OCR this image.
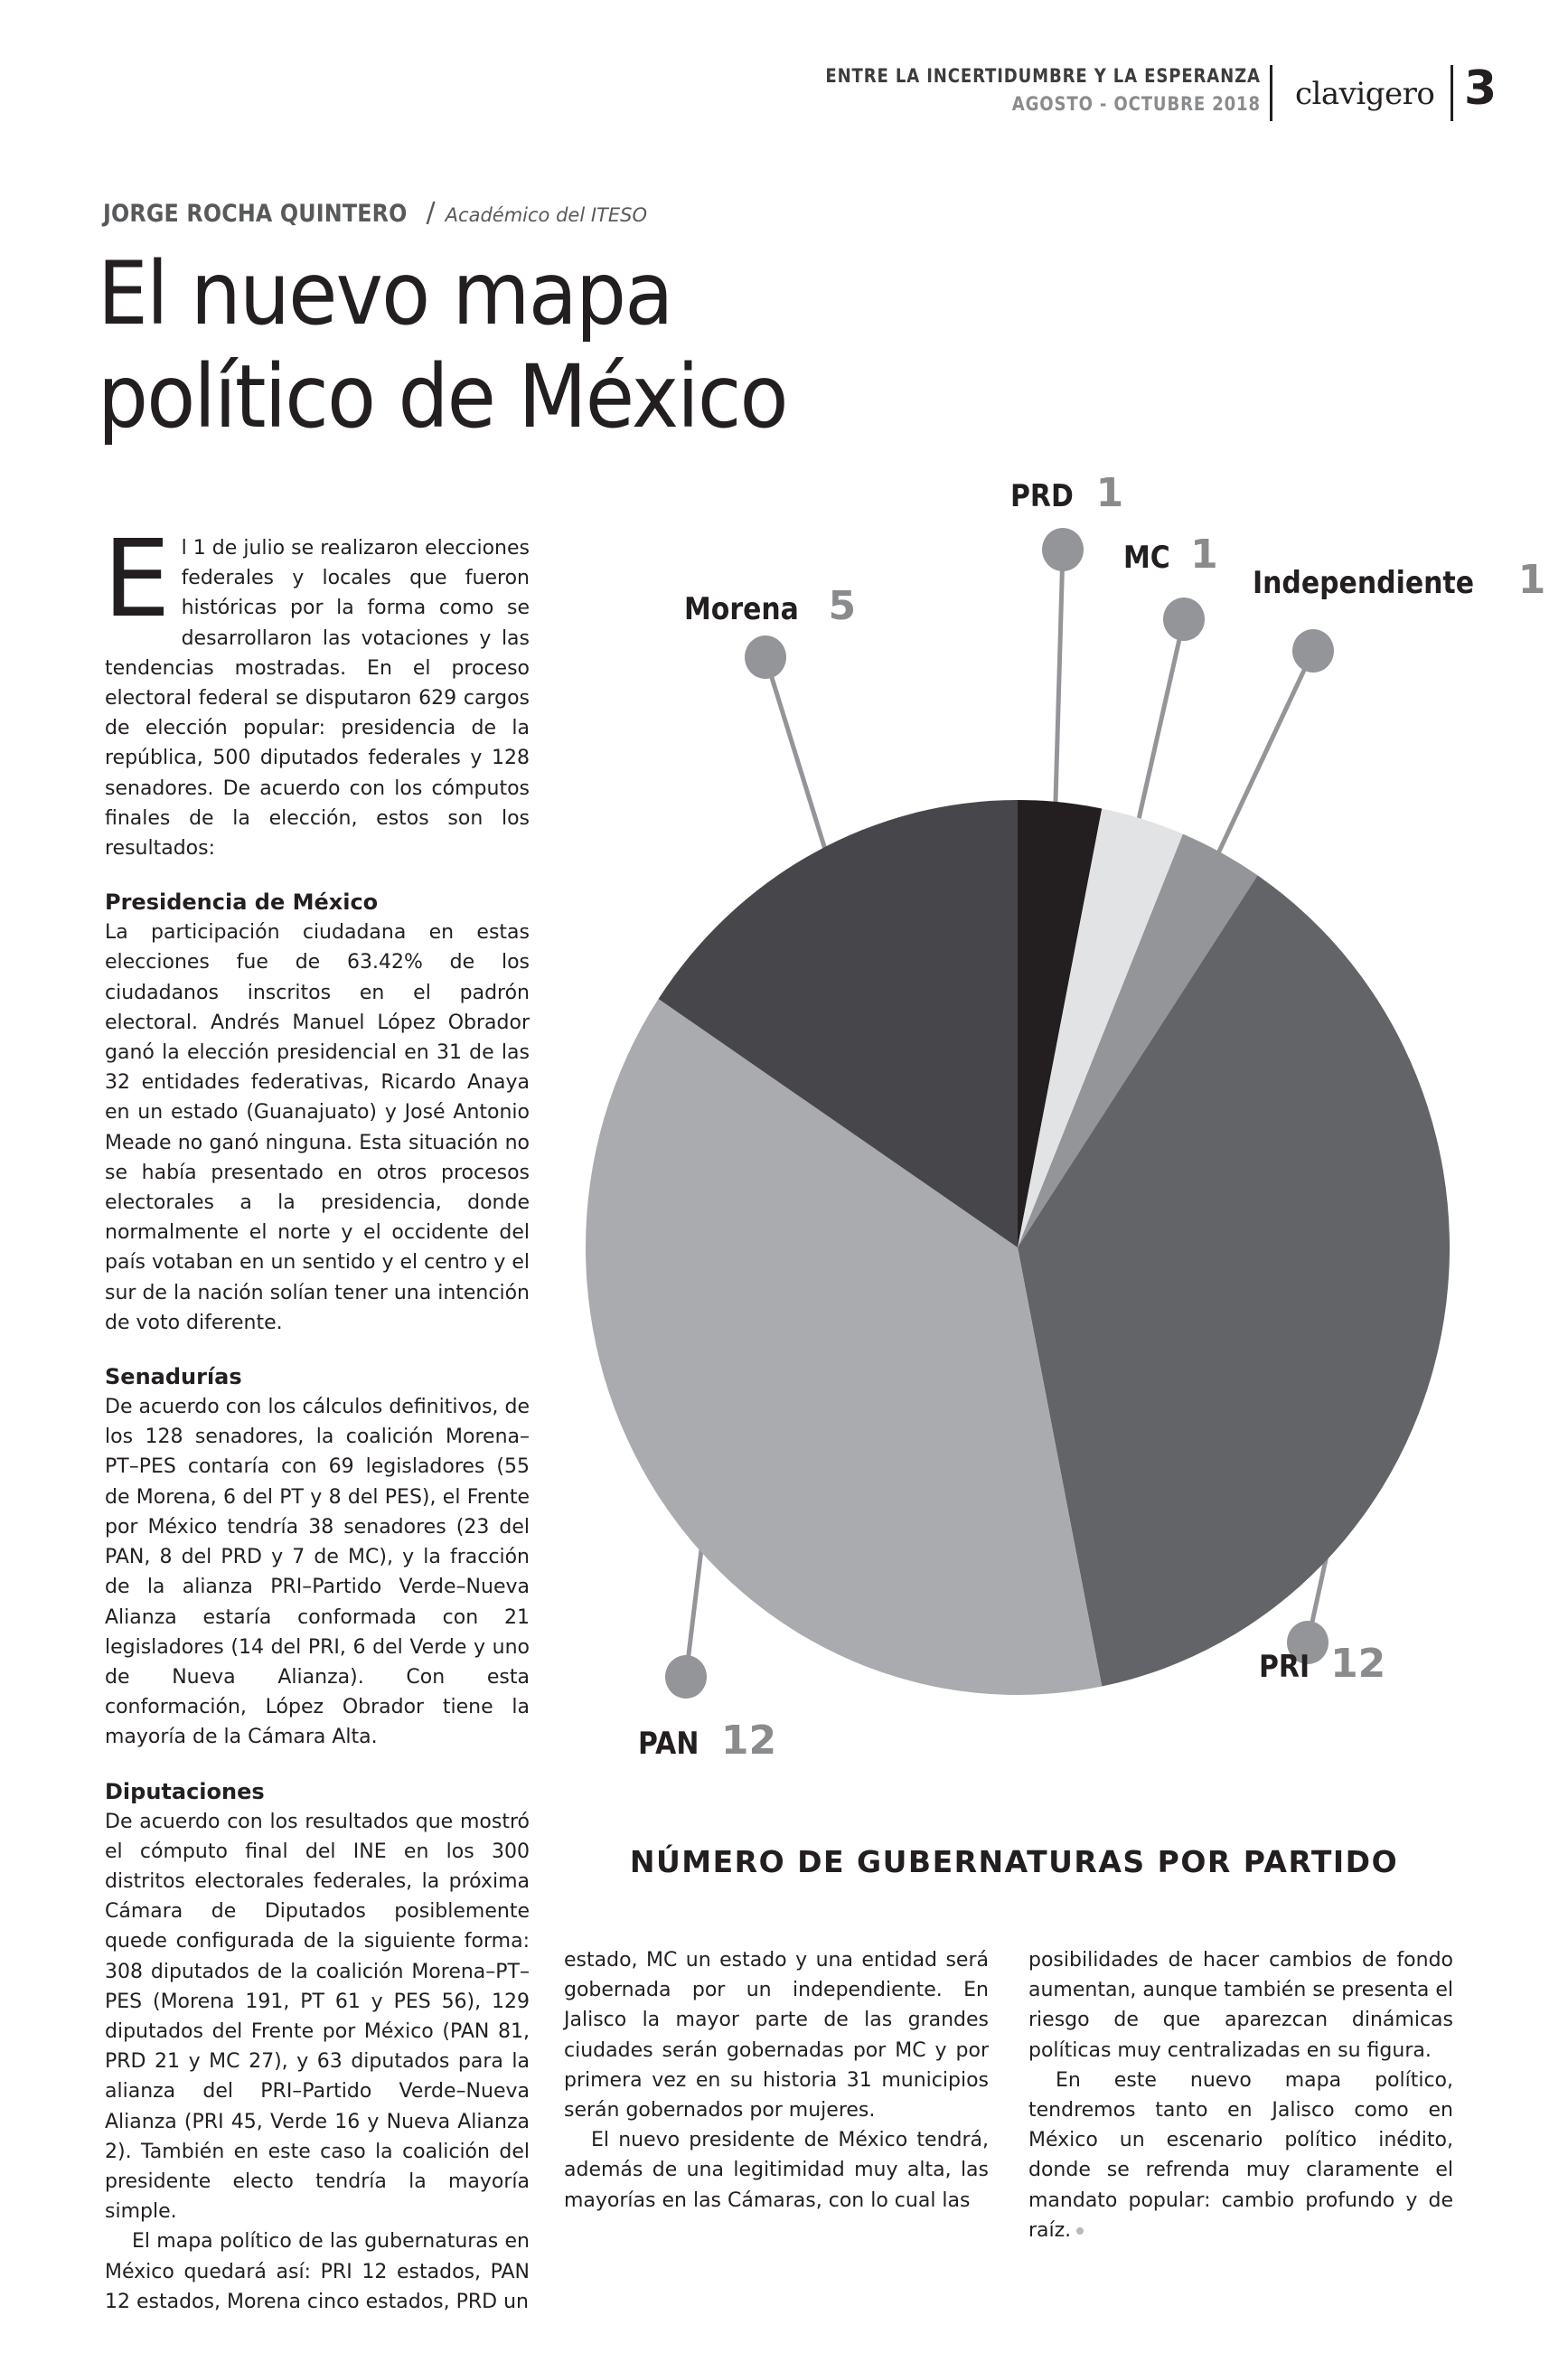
ENTRE LA INCERTIDUMBRE Y LA ESPERANZA
AGOSTO - OCTUBRE 2018 clavigero 3
JORGE ROCHA QUINTERO / Académico del ITESO
El nuevo mapa
político de México

El 1 de julio se realizaron elecciones federales y locales que fueron históricas por la forma como se desarrollaron las votaciones y las tendencias mostradas. En el proceso electoral federal se disputaron 629 cargos de elección popular: presidencia de la república, 500 diputados federales y 128 senadores. De acuerdo con los cómputos finales de la elección, estos son los resultados:

Presidencia de México

La participación ciudadana en estas elecciones fue de 63.42% de los ciudadanos inscritos en el padrón electoral. Andrés Manuel López Obrador ganó la elección presidencial en 31 de las 32 entidades federativas, Ricardo Anaya en un estado (Guanajuato) y José Antonio Meade no ganó ninguna. Esta situación no se había presentado en otros procesos electorales a la presidencia, donde normalmente el norte y el occidente del país votaban en un sentido y el centro y el sur de la nación solían tener una intención de voto diferente.

Senadurías

De acuerdo con los cálculos definitivos, de los 128 senadores, la coalición Morena–PT–PES contaría con 69 legisladores (55 de Morena, 6 del PT y 8 del PES), el Frente por México tendría 38 senadores (23 del PAN, 8 del PRD y 7 de MC), y la fracción de la alianza PRI–Partido Verde–Nueva Alianza estaría conformada con 21 legisladores (14 del PRI, 6 del Verde y uno de Nueva Alianza). Con esta conformación, López Obrador tiene la mayoría de la Cámara Alta.

Diputaciones

De acuerdo con los resultados que mostró el cómputo final del INE en los 300 distritos electorales federales, la próxima Cámara de Diputados posiblemente quede configurada de la siguiente forma: 308 diputados de la coalición Morena–PT–PES (Morena 191, PT 61 y PES 56), 129 diputados del Frente por México (PAN 81, PRD 21 y MC 27), y 63 diputados para la alianza del PRI–Partido Verde–Nueva Alianza (PRI 45, Verde 16 y Nueva Alianza 2). También en este caso la coalición del presidente electo tendría la mayoría simple.

El mapa político de las gubernaturas en México quedará así: PRI 12 estados, PAN 12 estados, Morena cinco estados, PRD un

estado, MC un estado y una entidad será gobernada por un independiente. En Jalisco la mayor parte de las grandes ciudades serán gobernadas por MC y por primera vez en su historia 31 municipios serán gobernados por mujeres.

El nuevo presidente de México tendrá, además de una legitimidad muy alta, las mayorías en las Cámaras, con lo cual las

posibilidades de hacer cambios de fondo aumentan, aunque también se presenta el riesgo de que aparezcan dinámicas políticas muy centralizadas en su figura.

En este nuevo mapa político, tendremos tanto en Jalisco como en México un escenario político inédito, donde se refrenda muy claramente el mandato popular: cambio profundo y de raíz.

PRD 1
MC 1
Independiente 1
PRI 12
PAN 12
Morena 5
NÚMERO DE GUBERNATURAS POR PARTIDO
